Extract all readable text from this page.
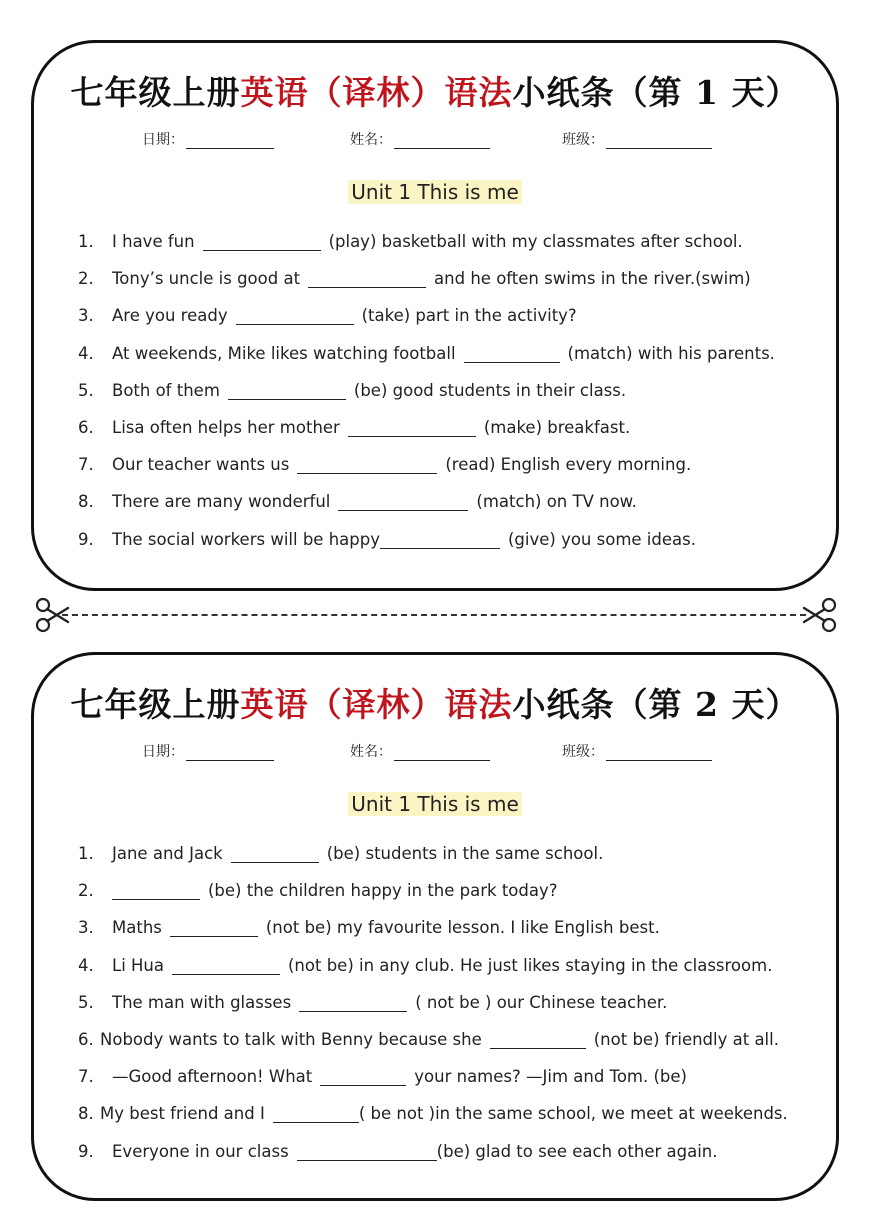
七年级上册英语（译林）语法小纸条（第 1 天）
日期：	姓名：	班级：
Unit 1 This is me
1. I have fun	(play) basketball with my classmates after school.
2. Tony’s uncle is good at	and he often swims in the river.(swim)
3. Are you ready	(take) part in the activity?
4. At weekends, Mike likes watching football	(match) with his parents.
5. Both of them	(be) good students in their class.
6. Lisa often helps her mother	(make) breakfast.
7. Our teacher wants us	(read) English every morning.
8. There are many wonderful	(match) on TV now.
9. The social workers will be happy	(give) you some ideas.
七年级上册英语（译林）语法小纸条（第 2 天）
日期：	姓名：	班级：
Unit 1 This is me
1. Jane and Jack	(be) students in the same school.
2.	(be) the children happy in the park today?
3. Maths	(not be) my favourite lesson. I like English best.
4. Li Hua	(not be) in any club. He just likes staying in the classroom.
5. The man with glasses	( not be ) our Chinese teacher.
6. Nobody wants to talk with Benny because she	(not be) friendly at all.
7. —Good afternoon! What	your names? —Jim and Tom. (be)
8. My best friend and I	( be not )in the same school, we meet at weekends.
9. Everyone in our class	(be) glad to see each other again.
